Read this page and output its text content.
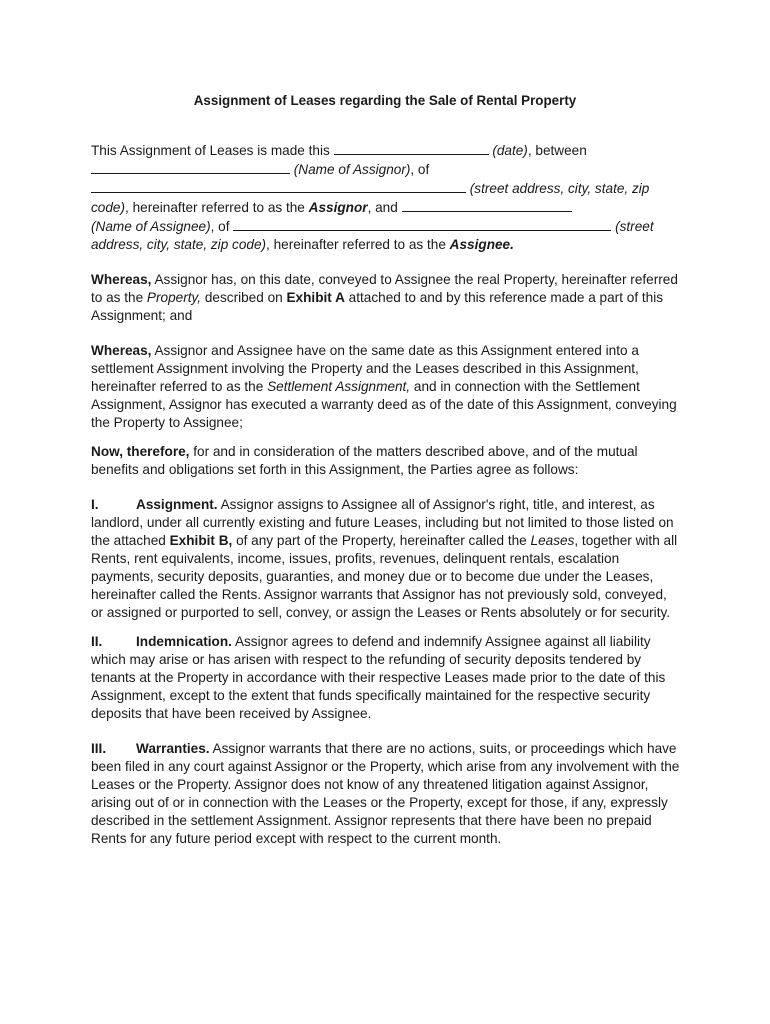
Assignment of Leases regarding the Sale of Rental Property

This Assignment of Leases is made this	(date), between
(Name of Assignor), of
(street address, city, state, zip code), hereinafter referred to as the Assignor, and
(Name of Assignee), of	(street address, city, state, zip code), hereinafter referred to as the Assignee.

Whereas, Assignor has, on this date, conveyed to Assignee the real Property, hereinafter referred to as the Property, described on Exhibit A attached to and by this reference made a part of this Assignment; and

Whereas, Assignor and Assignee have on the same date as this Assignment entered into a settlement Assignment involving the Property and the Leases described in this Assignment, hereinafter referred to as the Settlement Assignment, and in connection with the Settlement Assignment, Assignor has executed a warranty deed as of the date of this Assignment, conveying the Property to Assignee;

Now, therefore, for and in consideration of the matters described above, and of the mutual benefits and obligations set forth in this Assignment, the Parties agree as follows:

I.	Assignment. Assignor assigns to Assignee all of Assignor's right, title, and interest, as landlord, under all currently existing and future Leases, including but not limited to those listed on the attached Exhibit B, of any part of the Property, hereinafter called the Leases, together with all Rents, rent equivalents, income, issues, profits, revenues, delinquent rentals, escalation payments, security deposits, guaranties, and money due or to become due under the Leases, hereinafter called the Rents. Assignor warrants that Assignor has not previously sold, conveyed, or assigned or purported to sell, convey, or assign the Leases or Rents absolutely or for security.

II. Indemnication. Assignor agrees to defend and indemnify Assignee against all liability which may arise or has arisen with respect to the refunding of security deposits tendered by tenants at the Property in accordance with their respective Leases made prior to the date of this Assignment, except to the extent that funds specifically maintained for the respective security deposits that have been received by Assignee.

III. Warranties. Assignor warrants that there are no actions, suits, or proceedings which have been filed in any court against Assignor or the Property, which arise from any involvement with the Leases or the Property. Assignor does not know of any threatened litigation against Assignor, arising out of or in connection with the Leases or the Property, except for those, if any, expressly described in the settlement Assignment. Assignor represents that there have been no prepaid Rents for any future period except with respect to the current month.
